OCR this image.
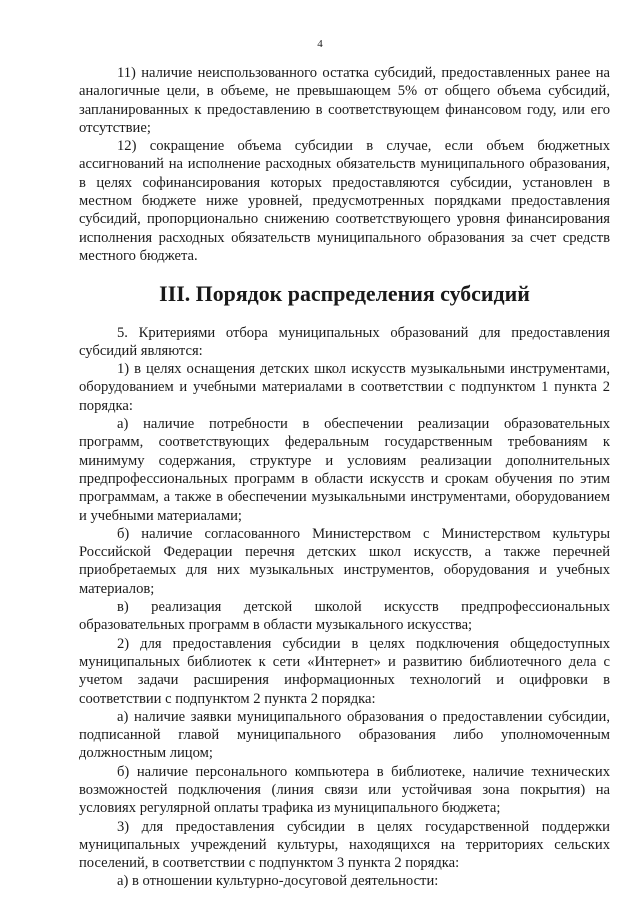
4

11) наличие неиспользованного остатка субсидий, предоставленных ранее на аналогичные цели, в объеме, не превышающем 5% от общего объема субсидий, запланированных к предоставлению в соответствующем финансовом году, или его отсутствие;

12) сокращение объема субсидии в случае, если объем бюджетных ассигнований на исполнение расходных обязательств муниципального образования, в целях софинансирования которых предоставляются субсидии, установлен в местном бюджете ниже уровней, предусмотренных порядками предоставления субсидий, пропорционально снижению соответствующего уровня финансирования исполнения расходных обязательств муниципального образования за счет средств местного бюджета.

III. Порядок распределения субсидий

5. Критериями отбора муниципальных образований для предоставления субсидий являются:

1) в целях оснащения детских школ искусств музыкальными инструментами, оборудованием и учебными материалами в соответствии с подпунктом 1 пункта 2 порядка:

а) наличие потребности в обеспечении реализации образовательных программ, соответствующих федеральным государственным требованиям к минимуму содержания, структуре и условиям реализации дополнительных предпрофессиональных программ в области искусств и срокам обучения по этим программам, а также в обеспечении музыкальными инструментами, оборудованием и учебными материалами;

б) наличие согласованного Министерством с Министерством культуры Российской Федерации перечня детских школ искусств, а также перечней приобретаемых для них музыкальных инструментов, оборудования и учебных материалов;

в) реализация детской школой искусств предпрофессиональных образовательных программ в области музыкального искусства;

2) для предоставления субсидии в целях подключения общедоступных муниципальных библиотек к сети «Интернет» и развитию библиотечного дела с учетом задачи расширения информационных технологий и оцифровки в соответствии с подпунктом 2 пункта 2 порядка:

а) наличие заявки муниципального образования о предоставлении субсидии, подписанной главой муниципального образования либо уполномоченным должностным лицом;

б) наличие персонального компьютера в библиотеке, наличие технических возможностей подключения (линия связи или устойчивая зона покрытия) на условиях регулярной оплаты трафика из муниципального бюджета;

3) для предоставления субсидии в целях государственной поддержки муниципальных учреждений культуры, находящихся на территориях сельских поселений, в соответствии с подпунктом 3 пункта 2 порядка:

а) в отношении культурно-досуговой деятельности:
